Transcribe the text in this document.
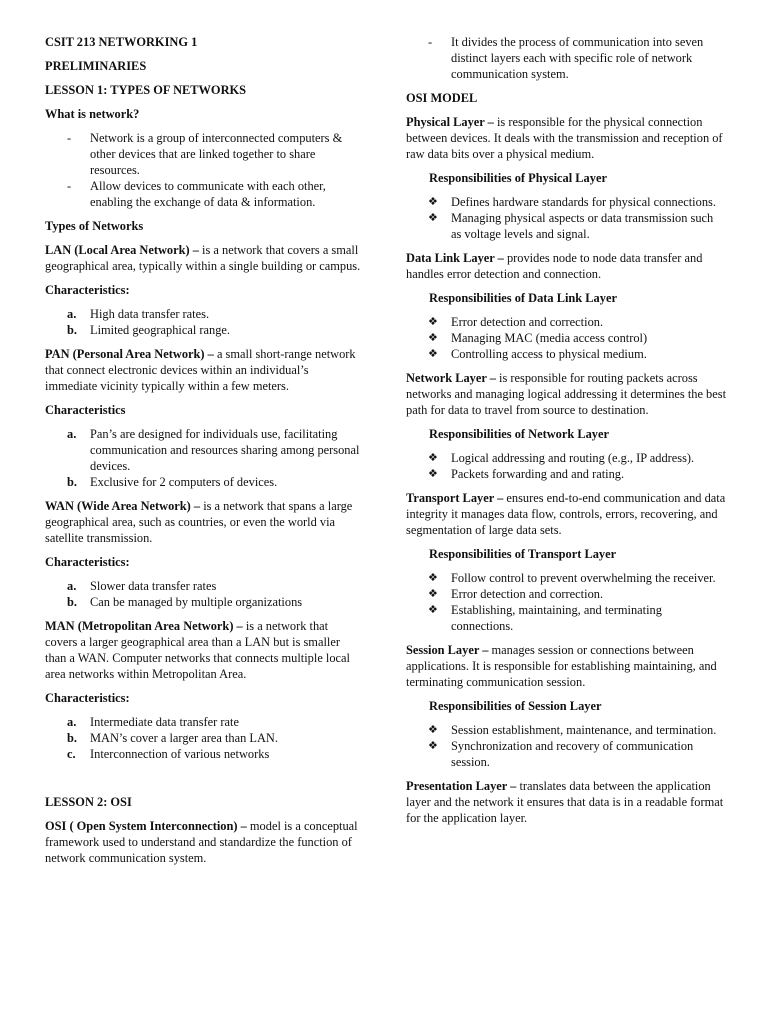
CSIT 213 NETWORKING 1
PRELIMINARIES
LESSON 1: TYPES OF NETWORKS
What is network?
- Network is a group of interconnected computers & other devices that are linked together to share resources.
- Allow devices to communicate with each other, enabling the exchange of data & information.
Types of Networks

LAN (Local Area Network) – is a network that covers a small geographical area, typically within a single building or campus.

Characteristics:
a. High data transfer rates.
b. Limited geographical range.

PAN (Personal Area Network) – a small short-range network that connect electronic devices within an individual’s immediate vicinity typically within a few meters.

Characteristics
a. Pan’s are designed for individuals use, facilitating communication and resources sharing among personal devices.
b. Exclusive for 2 computers of devices.

WAN (Wide Area Network) – is a network that spans a large geographical area, such as countries, or even the world via satellite transmission.

Characteristics:
a. Slower data transfer rates
b. Can be managed by multiple organizations

MAN (Metropolitan Area Network) – is a network that covers a larger geographical area than a LAN but is smaller than a WAN. Computer networks that connects multiple local area networks within Metropolitan Area.

Characteristics:
a. Intermediate data transfer rate
b. MAN’s cover a larger area than LAN.
c. Interconnection of various networks
LESSON 2: OSI

OSI ( Open System Interconnection) – model is a conceptual framework used to understand and standardize the function of network communication system.

- It divides the process of communication into seven distinct layers each with specific role of network communication system.
OSI MODEL

Physical Layer – is responsible for the physical connection between devices. It deals with the transmission and reception of raw data bits over a physical medium.

Responsibilities of Physical Layer
❖ Defines hardware standards for physical connections.
❖ Managing physical aspects or data transmission such as voltage levels and signal.

Data Link Layer – provides node to node data transfer and handles error detection and connection.

Responsibilities of Data Link Layer
❖ Error detection and correction.
❖ Managing MAC (media access control)
❖ Controlling access to physical medium.

Network Layer – is responsible for routing packets across networks and managing logical addressing it determines the best path for data to travel from source to destination.

Responsibilities of Network Layer
❖ Logical addressing and routing (e.g., IP address).
❖ Packets forwarding and and rating.

Transport Layer – ensures end-to-end communication and data integrity it manages data flow, controls, errors, recovering, and segmentation of large data sets.

Responsibilities of Transport Layer
❖ Follow control to prevent overwhelming the receiver.
❖ Error detection and correction.
❖ Establishing, maintaining, and terminating connections.

Session Layer – manages session or connections between applications. It is responsible for establishing maintaining, and terminating communication session.

Responsibilities of Session Layer
❖ Session establishment, maintenance, and termination.
❖ Synchronization and recovery of communication session.

Presentation Layer – translates data between the application layer and the network it ensures that data is in a readable format for the application layer.
